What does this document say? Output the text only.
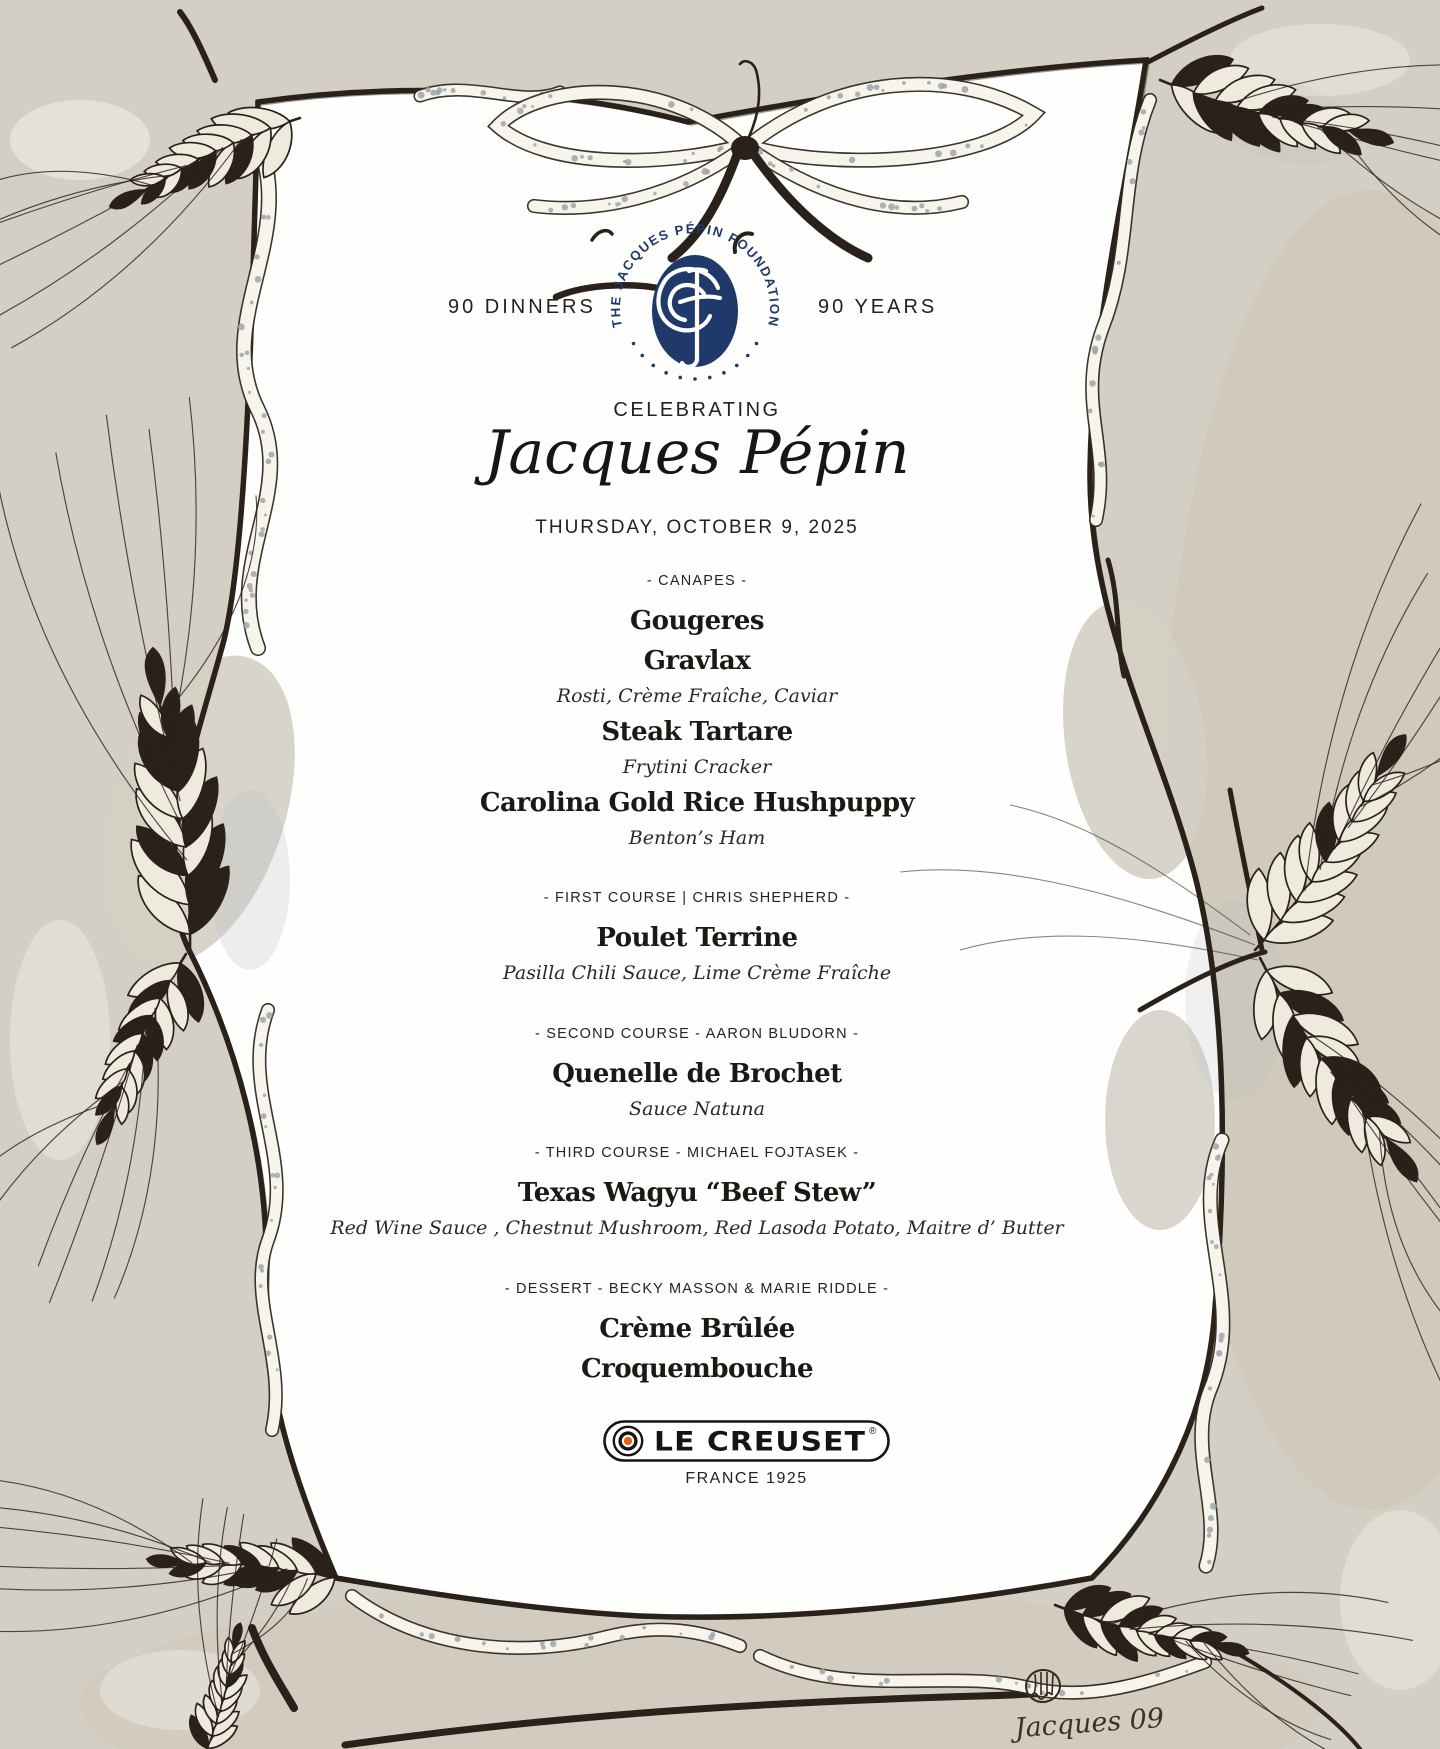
Jacques 09
90 DINNERS	90 YEARS
THE JACQUES PÉPIN FOUNDATION
CELEBRATING
Jacques Pépin
THURSDAY, OCTOBER 9, 2025
- CANAPES -
Gougeres
Gravlax
Rosti, Crème Fraîche, Caviar
Steak Tartare
Frytini Cracker
Carolina Gold Rice Hushpuppy
Benton’s Ham
- FIRST COURSE | CHRIS SHEPHERD -
Poulet Terrine
Pasilla Chili Sauce, Lime Crème Fraîche
- SECOND COURSE - AARON BLUDORN -
Quenelle de Brochet
Sauce Natuna
- THIRD COURSE - MICHAEL FOJTASEK -
Texas Wagyu “Beef Stew”
Red Wine Sauce , Chestnut Mushroom, Red Lasoda Potato, Maitre d’ Butter
- DESSERT - BECKY MASSON & MARIE RIDDLE -
Crème Brûlée
Croquembouche
LE CREUSET ®
FRANCE 1925
